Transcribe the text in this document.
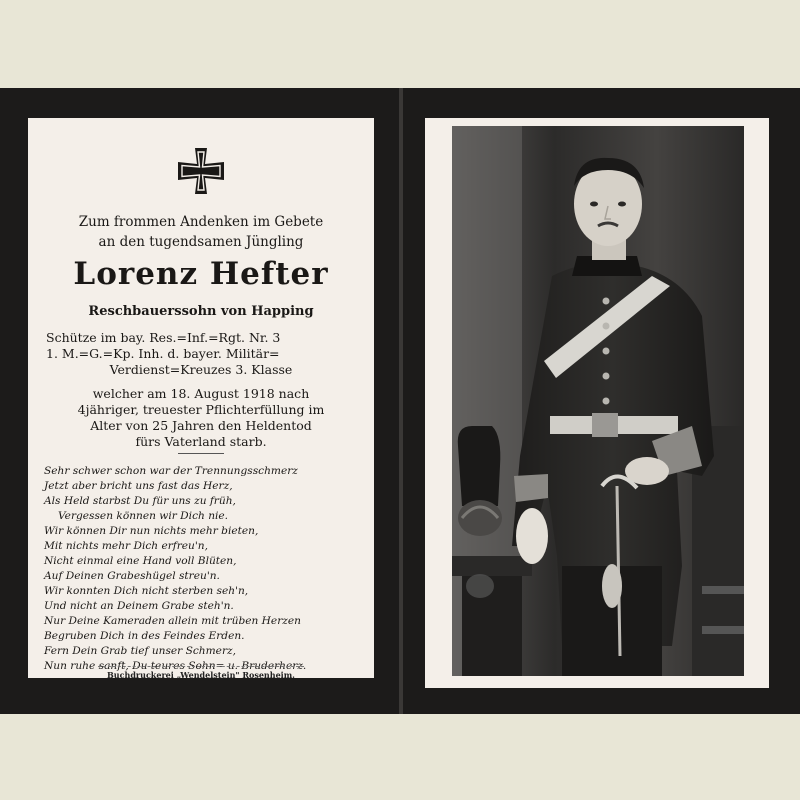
Zum frommen Andenken im Gebete
an den tugendsamen Jüngling
Lorenz Hefter
Reschbauerssohn von Happing
Schütze im bay. Res.=Inf.=Rgt. Nr. 3
1. M.=G.=Kp. Inh. d. bayer. Militär=
Verdienst=Kreuzes 3. Klasse
welcher am 18. August 1918 nach
4jähriger, treuester Pflichterfüllung im
Alter von 25 Jahren den Heldentod
fürs Vaterland starb.
Sehr schwer schon war der Trennungsschmerz
Jetzt aber bricht uns fast das Herz,
Als Held starbst Du für uns zu früh,
Vergessen können wir Dich nie.
Wir können Dir nun nichts mehr bieten,
Mit nichts mehr Dich erfreu'n,
Nicht einmal eine Hand voll Blüten,
Auf Deinen Grabeshügel streu'n.
Wir konnten Dich nicht sterben seh'n,
Und nicht an Deinem Grabe steh'n.
Nur Deine Kameraden allein mit trüben Herzen
Begruben Dich in des Feindes Erden.
Fern Dein Grab tief unser Schmerz,
Nun ruhe sanft, Du teures Sohn= u. Bruderherz.
Buchdruckerei „Wendelstein" Rosenheim.
